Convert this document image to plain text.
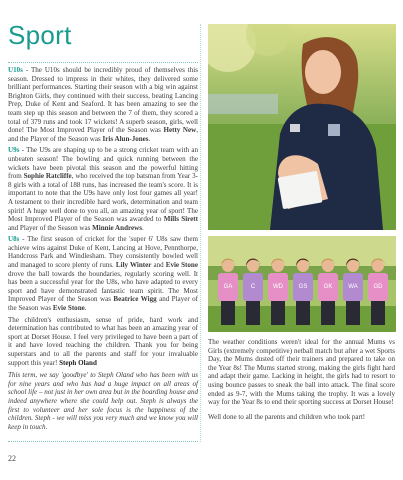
Sport

U10s - The U10s should be incredibly proud of themselves this season. Dressed to impress in their whites, they delivered some brilliant performances. Starting their season with a big win against Brighton Girls, they continued with their success, beating Lancing Prep, Duke of Kent and Seaford. It has been amazing to see the team step up this season and between the 7 of them, they scored a total of 379 runs and took 17 wickets! A superb season, girls, well done! The Most Improved Player of the Season was Hetty New, and the Player of the Season was Iris Alun-Jones.

U9s - The U9s are shaping up to be a strong cricket team with an unbeaten season! The bowling and quick running between the wickets have been pivotal this season and the powerful hitting from Sophie Ratcliffe, who received the top batsman from Year 3-8 girls with a total of 188 runs, has increased the team's score. It is important to note that the U9s have only lost four games all year! A testament to their incredible hard work, determination and team spirit! A huge well done to you all, an amazing year of sport! The Most Improved Player of the Season was awarded to Mills Sirett and Player of the Season was Minnie Andrews.

U8s - The first season of cricket for the 'super 6' U8s saw them achieve wins against Duke of Kent, Lancing at Hove, Pennthorpe, Handcross Park and Windlesham. They consistently bowled well and managed to score plenty of runs. Lily Winter and Evie Stone drove the ball towards the boundaries, regularly scoring well. It has been a successful year for the U8s, who have adapted to every sport and have demonstrated fantastic team spirit. The Most Improved Player of the Season was Beatrice Wigg and Player of the Season was Evie Stone.

The children's enthusiasm, sense of pride, hard work and determination has contributed to what has been an amazing year of sport at Dorset House. I feel very privileged to have been a part of it and have loved teaching the children. Thank you for being superstars and to all the parents and staff for your invaluable support this year! Steph Oland

This term, we say 'goodbye' to Steph Oland who has been with us for nine years and who has had a huge impact on all areas of school life – not just in her own area but in the boarding house and indeed anywhere where she could help out. Steph is always the first to volunteer and her sole focus is the happiness of the children. Steph - we will miss you very much and we know you will keep in touch.

22
GA	C	WD	GS	GK	WA	GD

The weather conditions weren't ideal for the annual Mums vs Girls (extremely competitive) netball match but after a wet Sports Day, the Mums dusted off their trainers and prepared to take on the Year 8s! The Mums started strong, making the girls fight hard and adapt their game. Lacking in height, the girls had to resort to using bounce passes to sneak the ball into attack. The final score ended as 9-7, with the Mums taking the trophy. It was a lovely way for the Year 8s to end their sporting success at Dorset House!

Well done to all the parents and children who took part!
